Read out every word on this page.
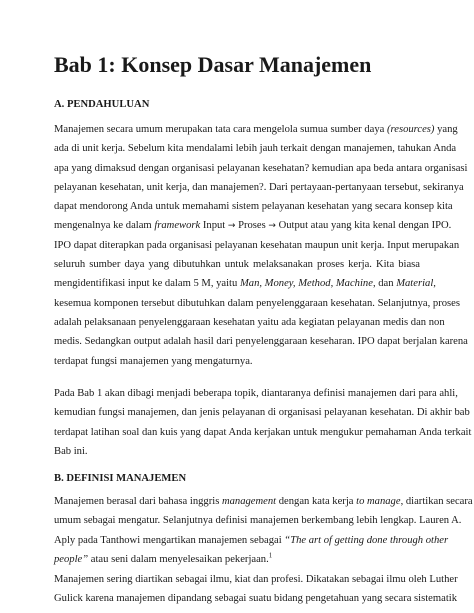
Bab 1: Konsep Dasar Manajemen
A. PENDAHULUAN
Manajemen secara umum merupakan tata cara mengelola sumua sumber daya (resources) yang
ada di unit kerja. Sebelum kita mendalami lebih jauh terkait dengan manajemen, tahukan Anda
apa yang dimaksud dengan organisasi pelayanan kesehatan? kemudian apa beda antara organisasi
pelayanan kesehatan, unit kerja, dan manajemen?. Dari pertayaan-pertanyaan tersebut, sekiranya
dapat mendorong Anda untuk memahami sistem pelayanan kesehatan yang secara konsep kita
mengenalnya ke dalam framework Input → Proses → Output atau yang kita kenal dengan IPO.
IPO dapat diterapkan pada organisasi pelayanan kesehatan maupun unit kerja. Input merupakan
seluruh sumber daya yang dibutuhkan untuk melaksanakan proses kerja. Kita biasa
mengidentifikasi input ke dalam 5 M, yaitu Man, Money, Method, Machine, dan Material,
kesemua komponen tersebut dibutuhkan dalam penyelenggaraan kesehatan. Selanjutnya, proses
adalah pelaksanaan penyelenggaraan kesehatan yaitu ada kegiatan pelayanan medis dan non
medis. Sedangkan output adalah hasil dari penyelenggaraan keseharan. IPO dapat berjalan karena
terdapat fungsi manajemen yang mengaturnya.
Pada Bab 1 akan dibagi menjadi beberapa topik, diantaranya definisi manajemen dari para ahli,
kemudian fungsi manajemen, dan jenis pelayanan di organisasi pelayanan kesehatan. Di akhir bab
terdapat latihan soal dan kuis yang dapat Anda kerjakan untuk mengukur pemahaman Anda terkait
Bab ini.
B. DEFINISI MANAJEMEN
Manajemen berasal dari bahasa inggris management dengan kata kerja to manage, diartikan secara
umum sebagai mengatur. Selanjutnya definisi manajemen berkembang lebih lengkap. Lauren A.
Aply pada Tanthowi mengartikan manajemen sebagai “The art of getting done through other
people” atau seni dalam menyelesaikan pekerjaan.$^1$
Manajemen sering diartikan sebagai ilmu, kiat dan profesi. Dikatakan sebagai ilmu oleh Luther
Gulick karena manajemen dipandang sebagai suatu bidang pengetahuan yang secara sistematik
